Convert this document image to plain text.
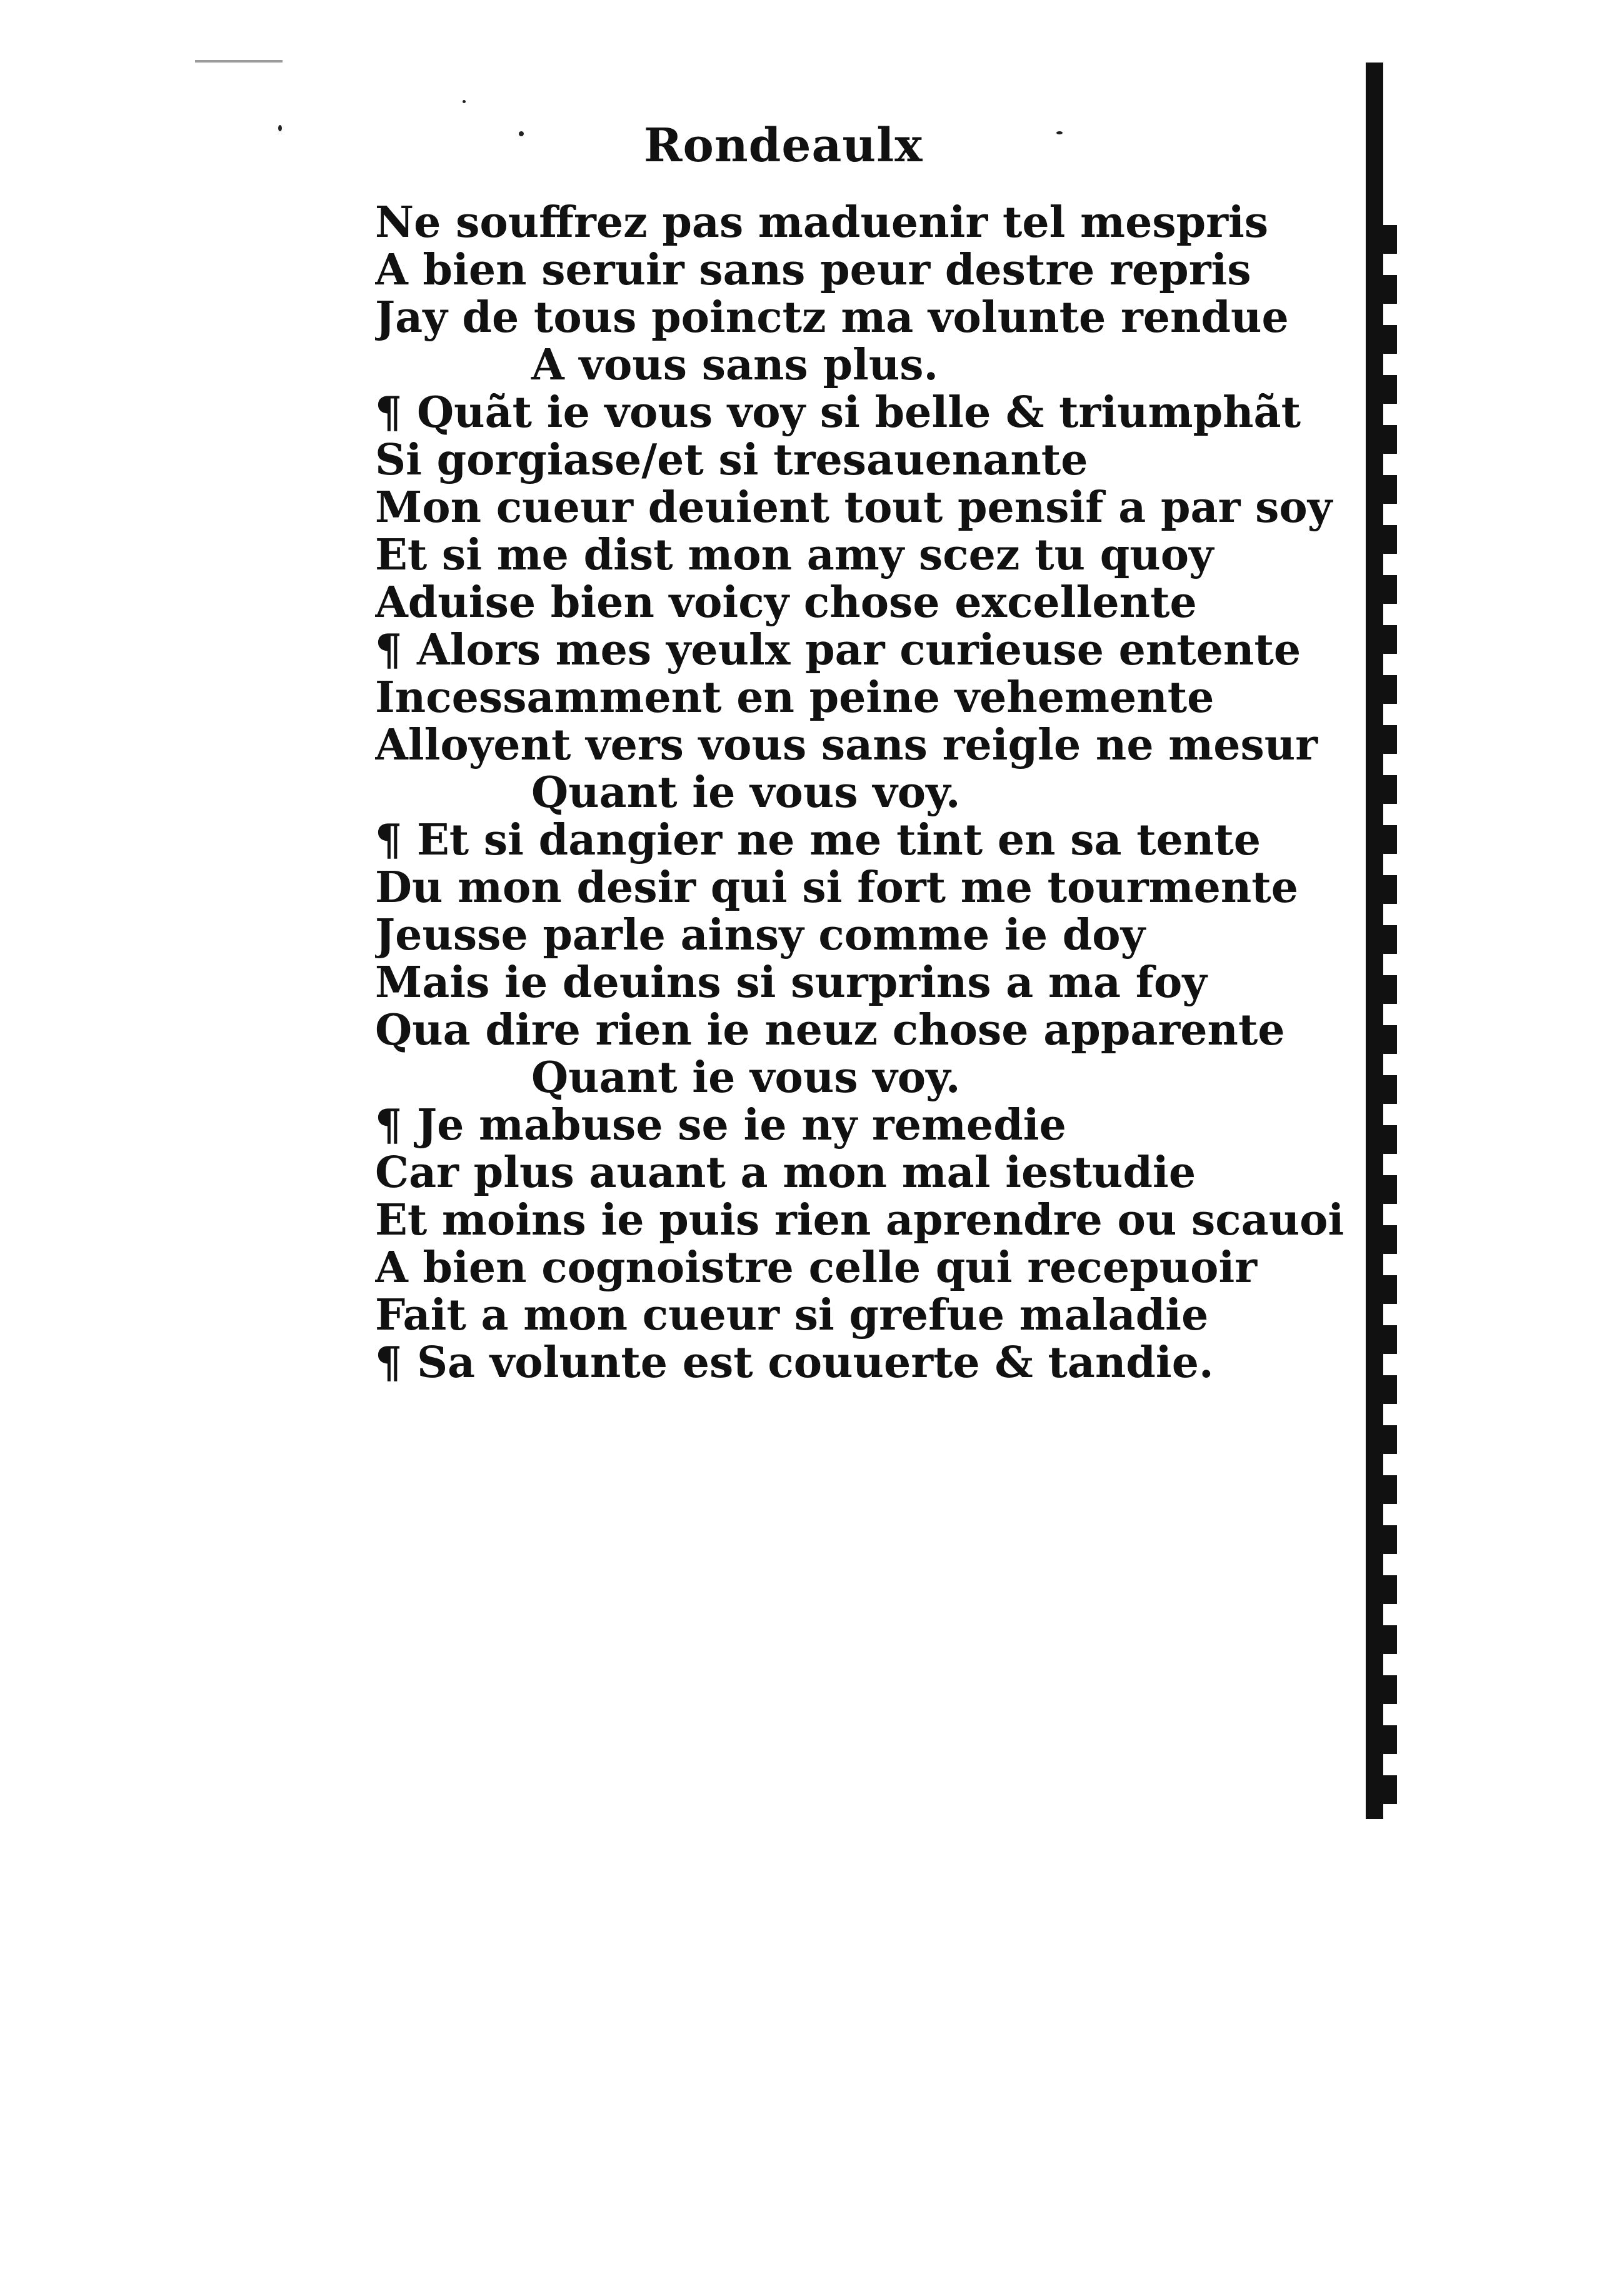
Rondeaulx
Ne souffrez pas maduenir tel mespris
A bien seruir sans peur destre repris
Jay de tous poinctz ma volunte rendue
A vous sans plus.
¶ Quãt ie vous voy si belle & triumphãt
Si gorgiase/et si tresauenante
Mon cueur deuient tout pensif a par soy
Et si me dist mon amy scez tu quoy
Aduise bien voicy chose excellente
¶ Alors mes yeulx par curieuse entente
Incessamment en peine vehemente
Alloyent vers vous sans reigle ne mesur
Quant ie vous voy.
¶ Et si dangier ne me tint en sa tente
Du mon desir qui si fort me tourmente
Jeusse parle ainsy comme ie doy
Mais ie deuins si surprins a ma foy
Qua dire rien ie neuz chose apparente
Quant ie vous voy.
¶ Je mabuse se ie ny remedie
Car plus auant a mon mal iestudie
Et moins ie puis rien aprendre ou scauoi
A bien cognoistre celle qui recepuoir
Fait a mon cueur si grefue maladie
¶ Sa volunte est couuerte & tandie.
